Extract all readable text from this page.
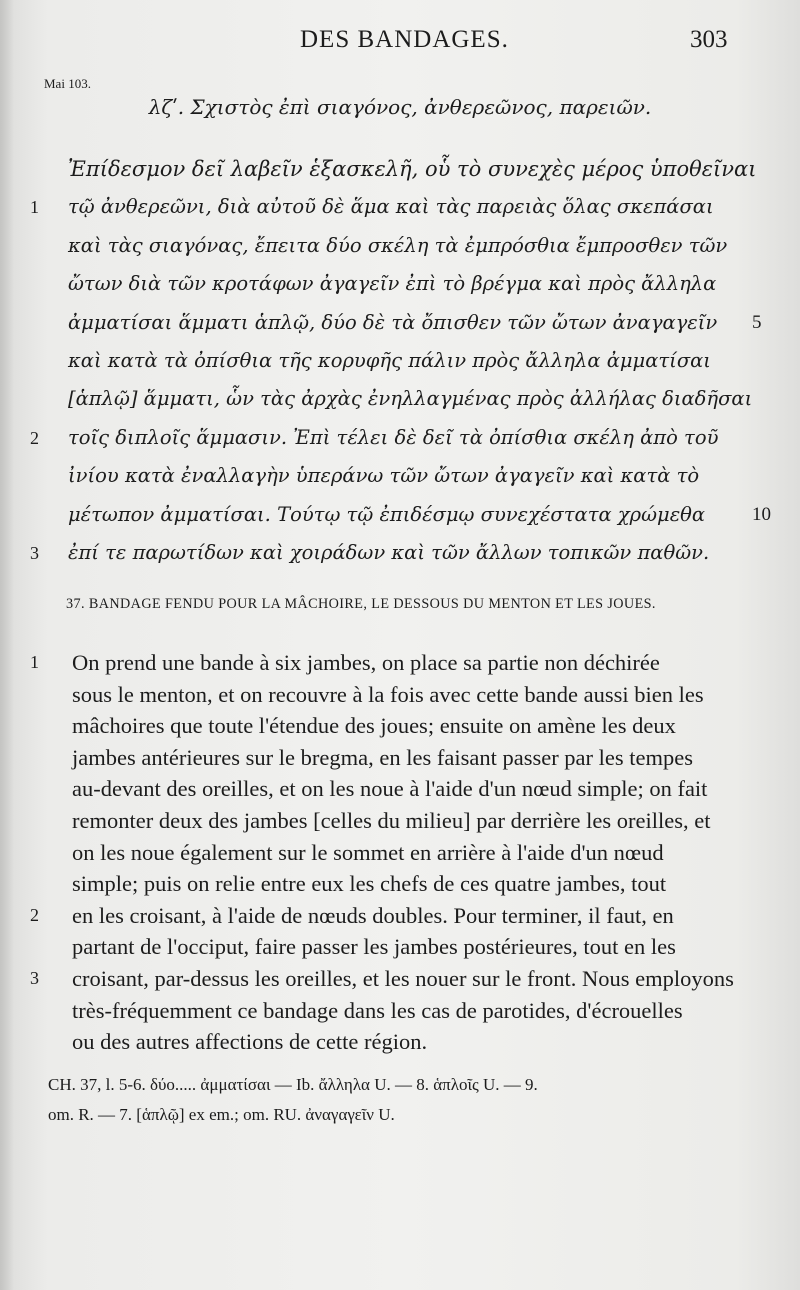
DES BANDAGES.	303
Mai 103.
λζʹ. Σχιστὸς ἐπὶ σιαγόνος, ἀνθερεῶνος, παρειῶν.
Ἐπίδεσμον δεῖ λαβεῖν ἑξασκελῆ, οὗ τὸ συνεχὲς μέρος ὑποθεῖναι
1 τῷ ἀνθερεῶνι, διὰ αὐτοῦ δὲ ἅμα καὶ τὰς παρειὰς ὅλας σκεπάσαι
καὶ τὰς σιαγόνας, ἔπειτα δύο σκέλη τὰ ἐμπρόσθια ἔμπροσθεν τῶν
ὤτων διὰ τῶν κροτάφων ἀγαγεῖν ἐπὶ τὸ βρέγμα καὶ πρὸς ἄλληλα
ἀμματίσαι ἅμματι ἁπλῷ, δύο δὲ τὰ ὄπισθεν τῶν ὤτων ἀναγαγεῖν 5
καὶ κατὰ τὰ ὀπίσθια τῆς κορυφῆς πάλιν πρὸς ἄλληλα ἀμματίσαι
[ἁπλῷ] ἅμματι, ὧν τὰς ἀρχὰς ἐνηλλαγμένας πρὸς ἀλλήλας διαδῆσαι
2 τοῖς διπλοῖς ἅμμασιν. Ἐπὶ τέλει δὲ δεῖ τὰ ὀπίσθια σκέλη ἀπὸ τοῦ
ἰνίου κατὰ ἐναλλαγὴν ὑπεράνω τῶν ὤτων ἀγαγεῖν καὶ κατὰ τὸ
μέτωπον ἀμματίσαι. Τούτῳ τῷ ἐπιδέσμῳ συνεχέστατα χρώμεθα 10
3 ἐπί τε παρωτίδων καὶ χοιράδων καὶ τῶν ἄλλων τοπικῶν παθῶν.
37. BANDAGE FENDU POUR LA MÂCHOIRE, LE DESSOUS DU MENTON ET LES JOUES.
1 On prend une bande à six jambes, on place sa partie non déchirée
sous le menton, et on recouvre à la fois avec cette bande aussi bien les
mâchoires que toute l'étendue des joues; ensuite on amène les deux
jambes antérieures sur le bregma, en les faisant passer par les tempes
au-devant des oreilles, et on les noue à l'aide d'un nœud simple; on fait
remonter deux des jambes [celles du milieu] par derrière les oreilles, et
on les noue également sur le sommet en arrière à l'aide d'un nœud
simple; puis on relie entre eux les chefs de ces quatre jambes, tout
2 en les croisant, à l'aide de nœuds doubles. Pour terminer, il faut, en
partant de l'occiput, faire passer les jambes postérieures, tout en les
3 croisant, par-dessus les oreilles, et les nouer sur le front. Nous employons
très-fréquemment ce bandage dans les cas de parotides, d'écrouelles
ou des autres affections de cette région.
CH. 37, l. 5-6. δύο..... ἀμματίσαι — Ib. ἄλληλα U. — 8. ἁπλοῖς U. — 9.
om. R. — 7. [ἁπλῷ] ex em.; om. RU. ἀναγαγεῖν U.
